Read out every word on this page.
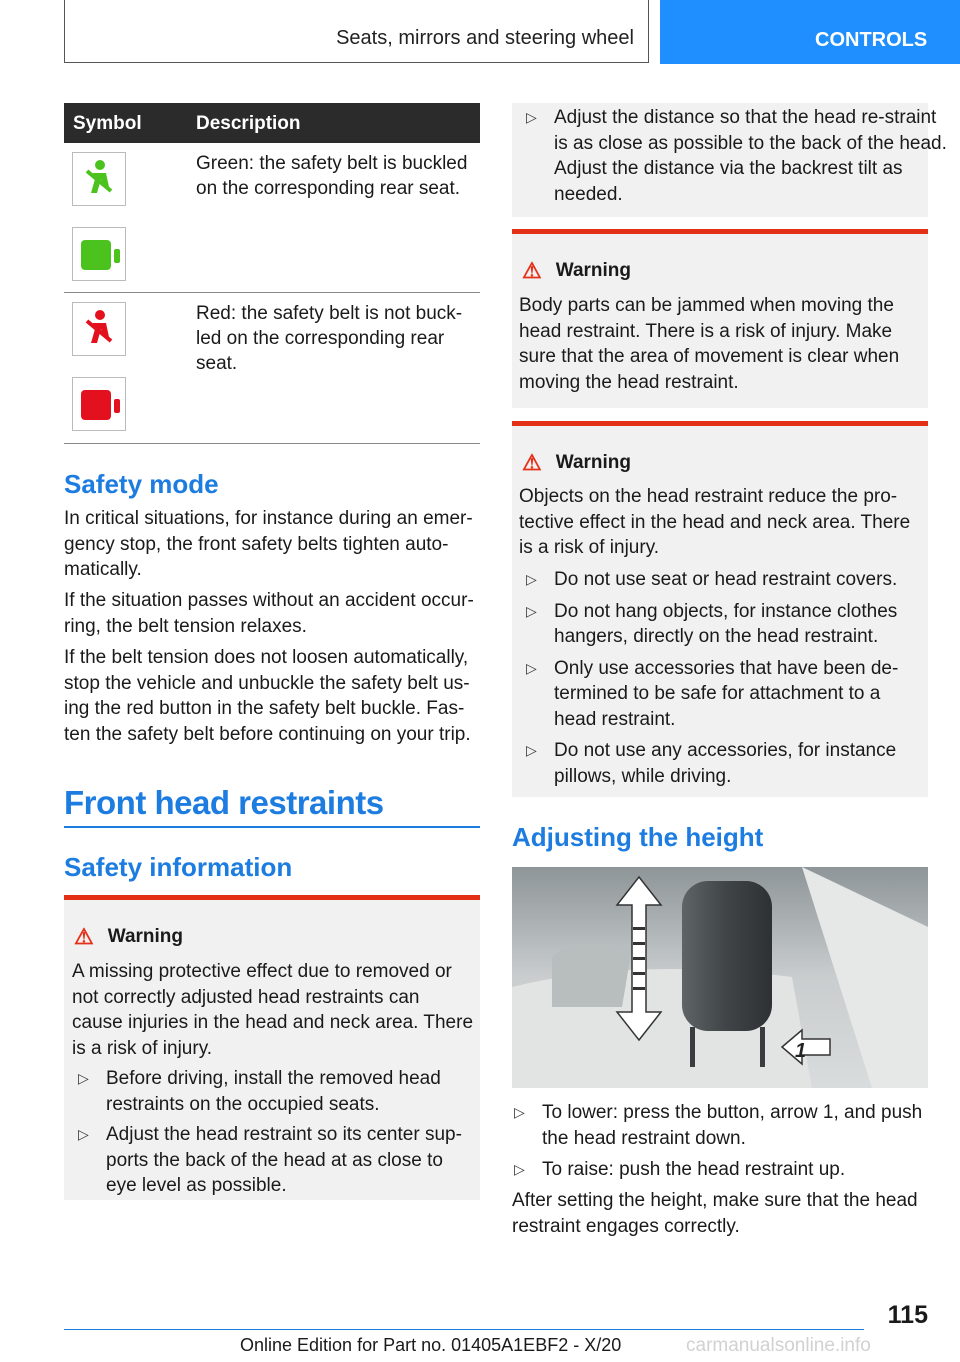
Seats, mirrors and steering wheel	CONTROLS
Symbol	Description
Green: the safety belt is buckled on the corresponding rear seat.
Red: the safety belt is not buck-led on the corresponding rear seat.
Safety mode
In critical situations, for instance during an emer-gency stop, the front safety belts tighten auto-matically.
If the situation passes without an accident occur-ring, the belt tension relaxes.
If the belt tension does not loosen automatically, stop the vehicle and unbuckle the safety belt us-ing the red button in the safety belt buckle. Fas-ten the safety belt before continuing on your trip.
Front head restraints
Safety information
⚠ Warning
A missing protective effect due to removed or not correctly adjusted head restraints can cause injuries in the head and neck area. There is a risk of injury.
▷ Before driving, install the removed head restraints on the occupied seats.
▷ Adjust the head restraint so its center sup-ports the back of the head at as close to eye level as possible.
▷ Adjust the distance so that the head re-straint is as close as possible to the back of the head. Adjust the distance via the backrest tilt as needed.
⚠ Warning
Body parts can be jammed when moving the head restraint. There is a risk of injury. Make sure that the area of movement is clear when moving the head restraint.
⚠ Warning
Objects on the head restraint reduce the pro-tective effect in the head and neck area. There is a risk of injury.
▷ Do not use seat or head restraint covers.
▷ Do not hang objects, for instance clothes hangers, directly on the head restraint.
▷ Only use accessories that have been de-termined to be safe for attachment to a head restraint.
▷ Do not use any accessories, for instance pillows, while driving.
Adjusting the height
1
▷ To lower: press the button, arrow 1, and push the head restraint down.
▷ To raise: push the head restraint up.
After setting the height, make sure that the head restraint engages correctly.
115
Online Edition for Part no. 01405A1EBF2 - X/20	carmanualsonline.info
